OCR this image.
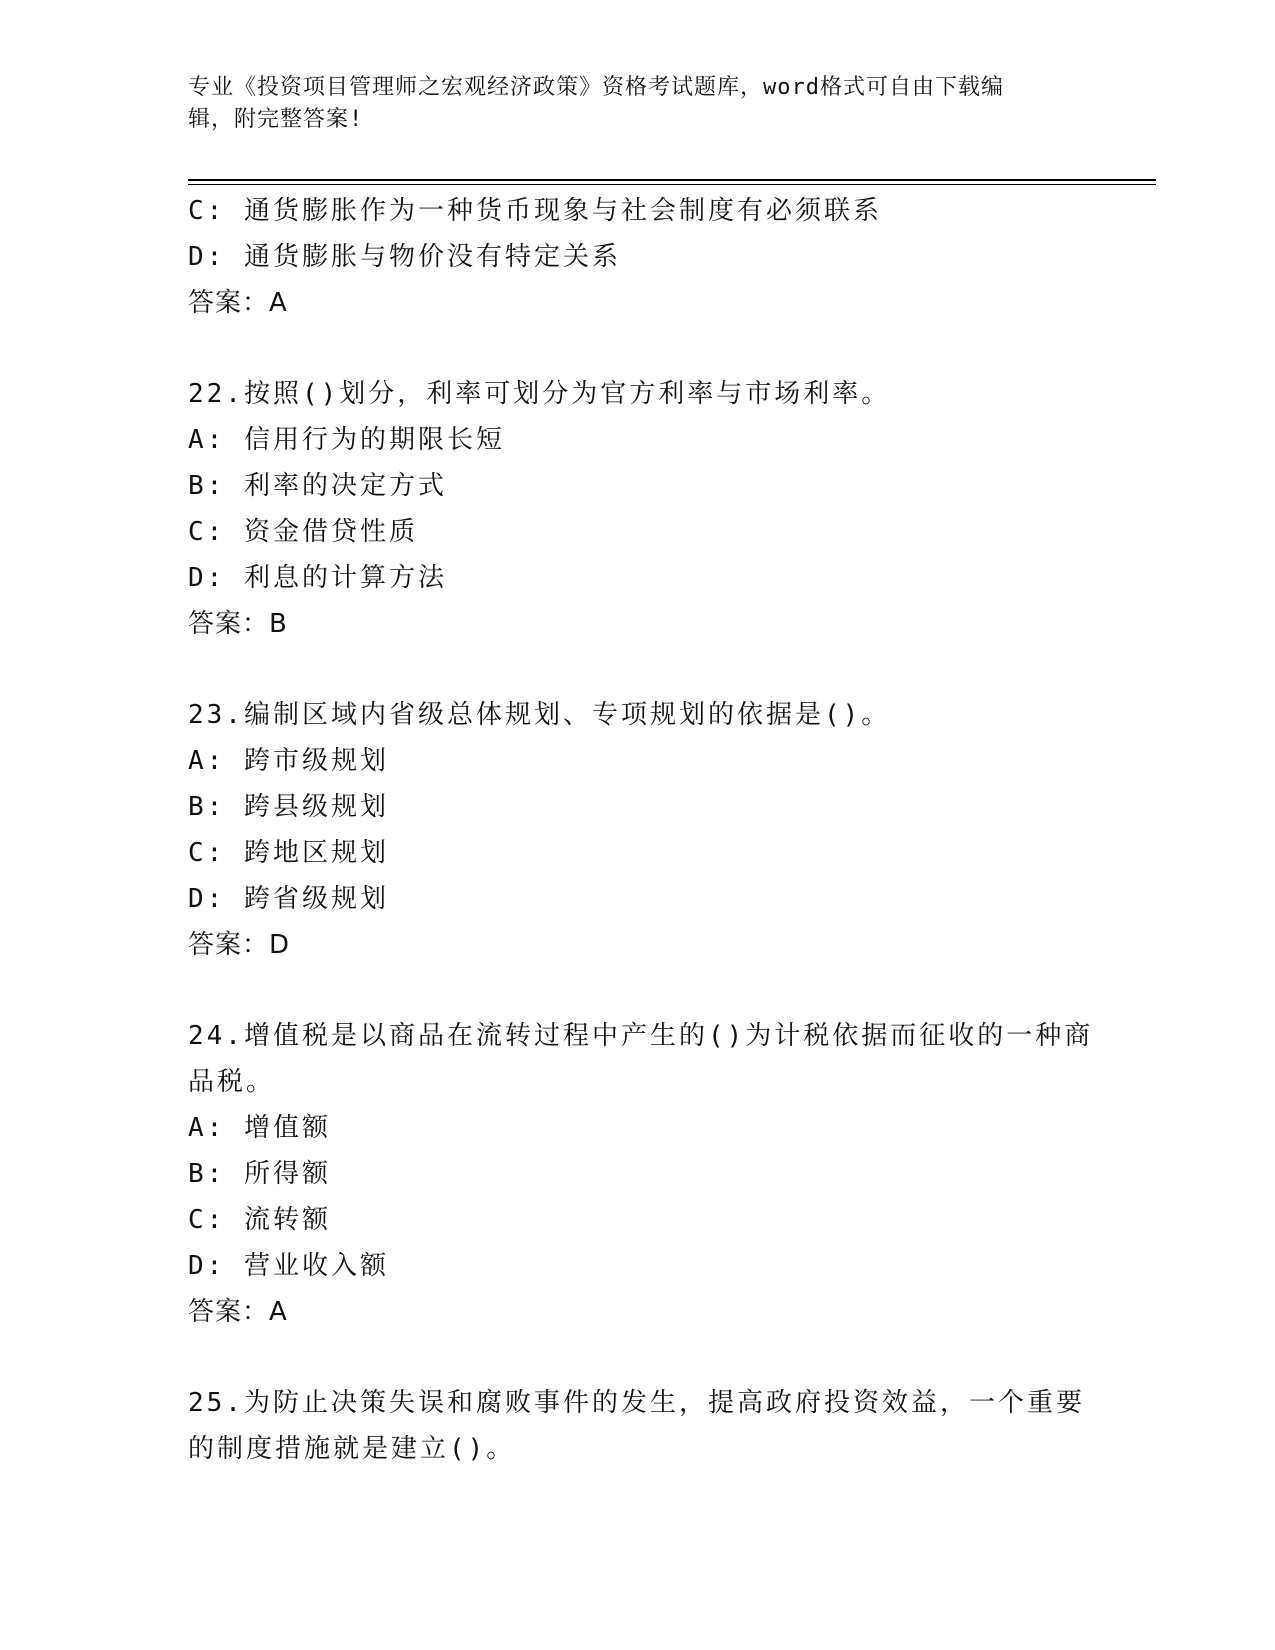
专业《投资项目管理师之宏观经济政策》资格考试题库，word格式可自由下载编
辑，附完整答案!
C: 通货膨胀作为一种货币现象与社会制度有必须联系
D: 通货膨胀与物价没有特定关系
答案：A
22.按照()划分，利率可划分为官方利率与市场利率。
A: 信用行为的期限长短
B: 利率的决定方式
C: 资金借贷性质
D: 利息的计算方法
答案：B
23.编制区域内省级总体规划、专项规划的依据是()。
A: 跨市级规划
B: 跨县级规划
C: 跨地区规划
D: 跨省级规划
答案：D
24.增值税是以商品在流转过程中产生的()为计税依据而征收的一种商
品税。
A: 增值额
B: 所得额
C: 流转额
D: 营业收入额
答案：A
25.为防止决策失误和腐败事件的发生，提高政府投资效益，一个重要
的制度措施就是建立()。
